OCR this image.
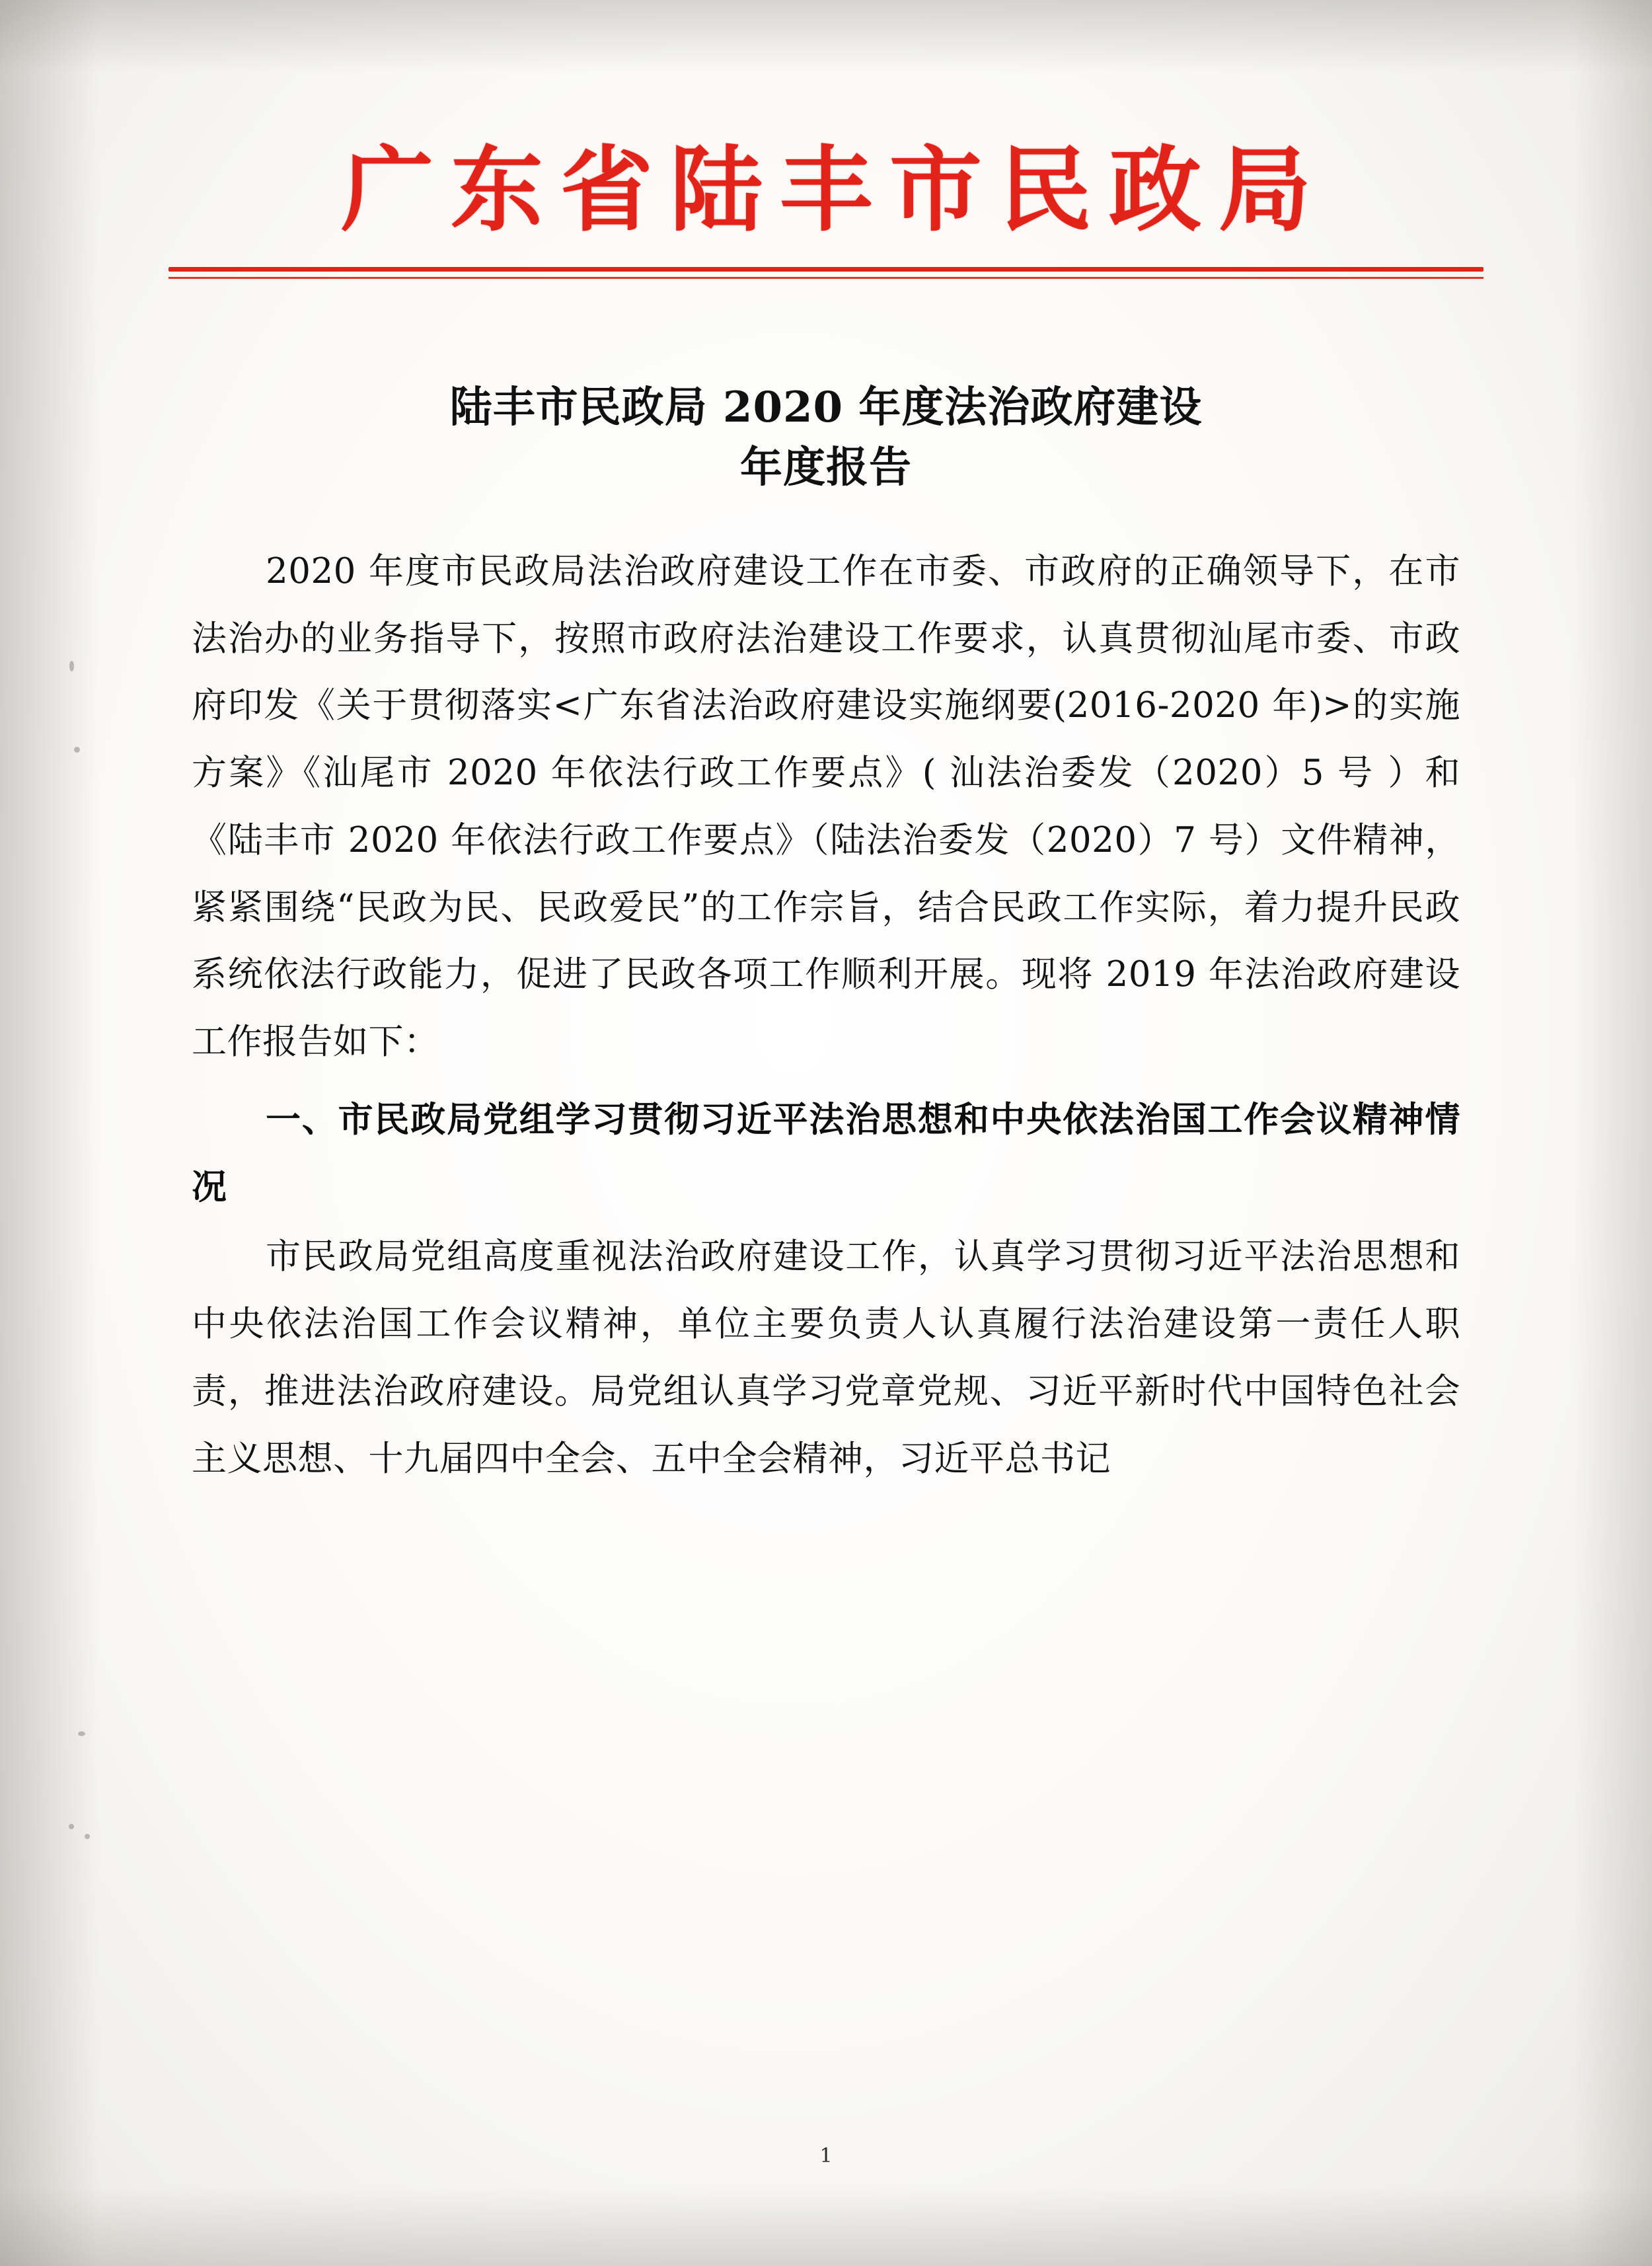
广东省陆丰市民政局
陆丰市民政局 2020 年度法治政府建设
年度报告

2020 年度市民政局法治政府建设工作在市委、市政府的正确领导下，在市法治办的业务指导下，按照市政府法治建设工作要求，认真贯彻汕尾市委、市政府印发《关于贯彻落实<广东省法治政府建设实施纲要(2016-2020 年)>的实施方案》《汕尾市 2020 年依法行政工作要点》( 汕法治委发（2020）5 号 ）和《陆丰市 2020 年依法行政工作要点》（陆法治委发（2020）7 号）文件精神，紧紧围绕“民政为民、民政爱民”的工作宗旨，结合民政工作实际，着力提升民政系统依法行政能力，促进了民政各项工作顺利开展。现将 2019 年法治政府建设工作报告如下：

一、市民政局党组学习贯彻习近平法治思想和中央依法治国工作会议精神情况

市民政局党组高度重视法治政府建设工作，认真学习贯彻习近平法治思想和中央依法治国工作会议精神，单位主要负责人认真履行法治建设第一责任人职责，推进法治政府建设。局党组认真学习党章党规、习近平新时代中国特色社会主义思想、十九届四中全会、五中全会精神，习近平总书记

1
